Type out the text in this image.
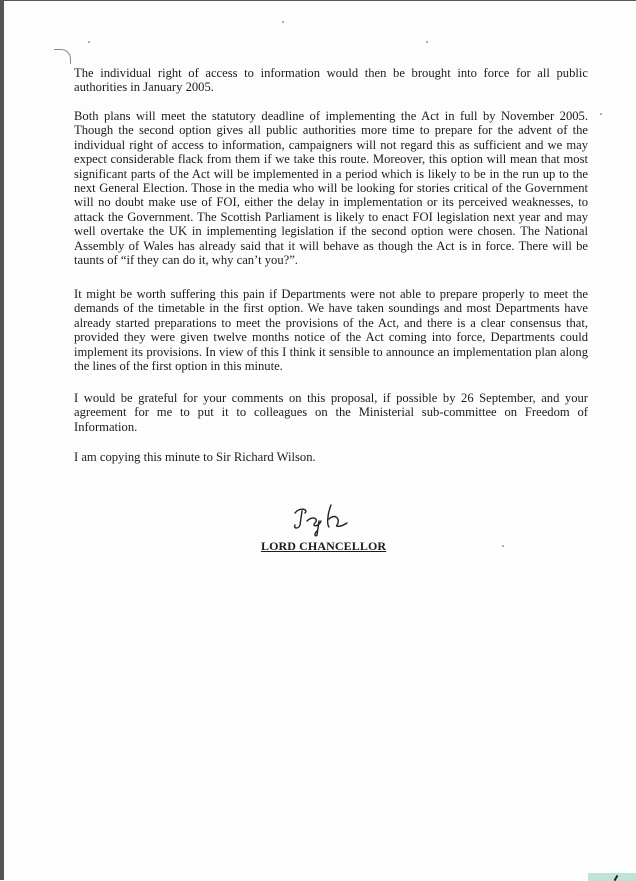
The individual right of access to information would then be brought into force for all public authorities in January 2005.

Both plans will meet the statutory deadline of implementing the Act in full by November 2005. Though the second option gives all public authorities more time to prepare for the advent of the individual right of access to information, campaigners will not regard this as sufficient and we may expect considerable flack from them if we take this route. Moreover, this option will mean that most significant parts of the Act will be implemented in a period which is likely to be in the run up to the next General Election. Those in the media who will be looking for stories critical of the Government will no doubt make use of FOI, either the delay in implementation or its perceived weaknesses, to attack the Government. The Scottish Parliament is likely to enact FOI legislation next year and may well overtake the UK in implementing legislation if the second option were chosen. The National Assembly of Wales has already said that it will behave as though the Act is in force. There will be taunts of “if they can do it, why can’t you?”.

It might be worth suffering this pain if Departments were not able to prepare properly to meet the demands of the timetable in the first option. We have taken soundings and most Departments have already started preparations to meet the provisions of the Act, and there is a clear consensus that, provided they were given twelve months notice of the Act coming into force, Departments could implement its provisions. In view of this I think it sensible to announce an implementation plan along the lines of the first option in this minute.

I would be grateful for your comments on this proposal, if possible by 26 September, and your agreement for me to put it to colleagues on the Ministerial sub-committee on Freedom of Information.

I am copying this minute to Sir Richard Wilson.

LORD CHANCELLOR
